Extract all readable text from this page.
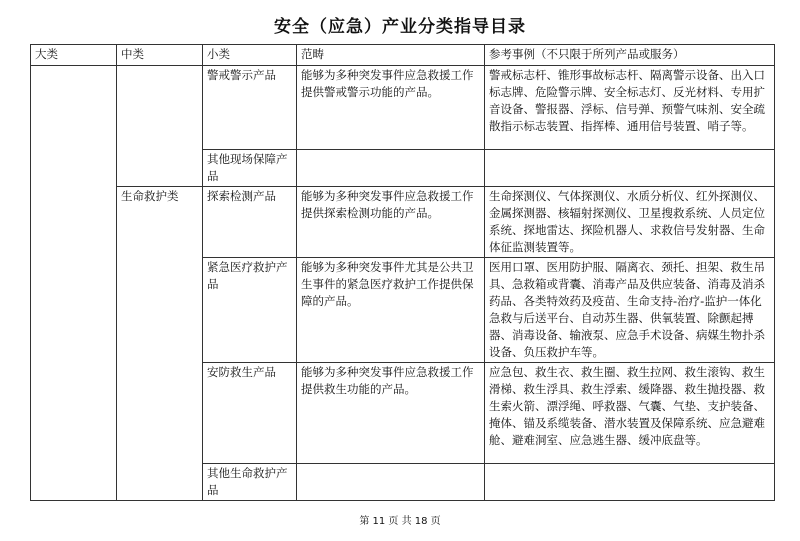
安全（应急）产业分类指导目录
大类	中类	小类	范畴	参考事例（不只限于所列产品或服务）
		警戒警示产品	能够为多种突发事件应急救援工作提供警戒警示功能的产品。	警戒标志杆、锥形事故标志杆、隔离警示设备、出入口标志牌、危险警示牌、安全标志灯、反光材料、专用扩音设备、警报器、浮标、信号弹、预警气味剂、安全疏散指示标志装置、指挥棒、通用信号装置、哨子等。
		其他现场保障产品		
	生命救护类	探索检测产品	能够为多种突发事件应急救援工作提供探索检测功能的产品。	生命探测仪、气体探测仪、水质分析仪、红外探测仪、金属探测器、核辐射探测仪、卫星搜救系统、人员定位系统、探地雷达、探险机器人、求救信号发射器、生命体征监测装置等。
		紧急医疗救护产品	能够为多种突发事件尤其是公共卫生事件的紧急医疗救护工作提供保障的产品。	医用口罩、医用防护服、隔离衣、颈托、担架、救生吊具、急救箱或背囊、消毒产品及供应装备、消毒及消杀药品、各类特效药及疫苗、生命支持-治疗-监护一体化急救与后送平台、自动苏生器、供氧装置、除颤起搏器、消毒设备、输液泵、应急手术设备、病媒生物扑杀设备、负压救护车等。
		安防救生产品	能够为多种突发事件应急救援工作提供救生功能的产品。	应急包、救生衣、救生圈、救生拉网、救生滚钩、救生滑梯、救生浮具、救生浮索、缓降器、救生抛投器、救生索火箭、漂浮绳、呼救器、气囊、气垫、支护装备、掩体、锚及系缆装备、潜水装置及保障系统、应急避难舱、避难洞室、应急逃生器、缓冲底盘等。
		其他生命救护产品		
第 11 页 共 18 页
